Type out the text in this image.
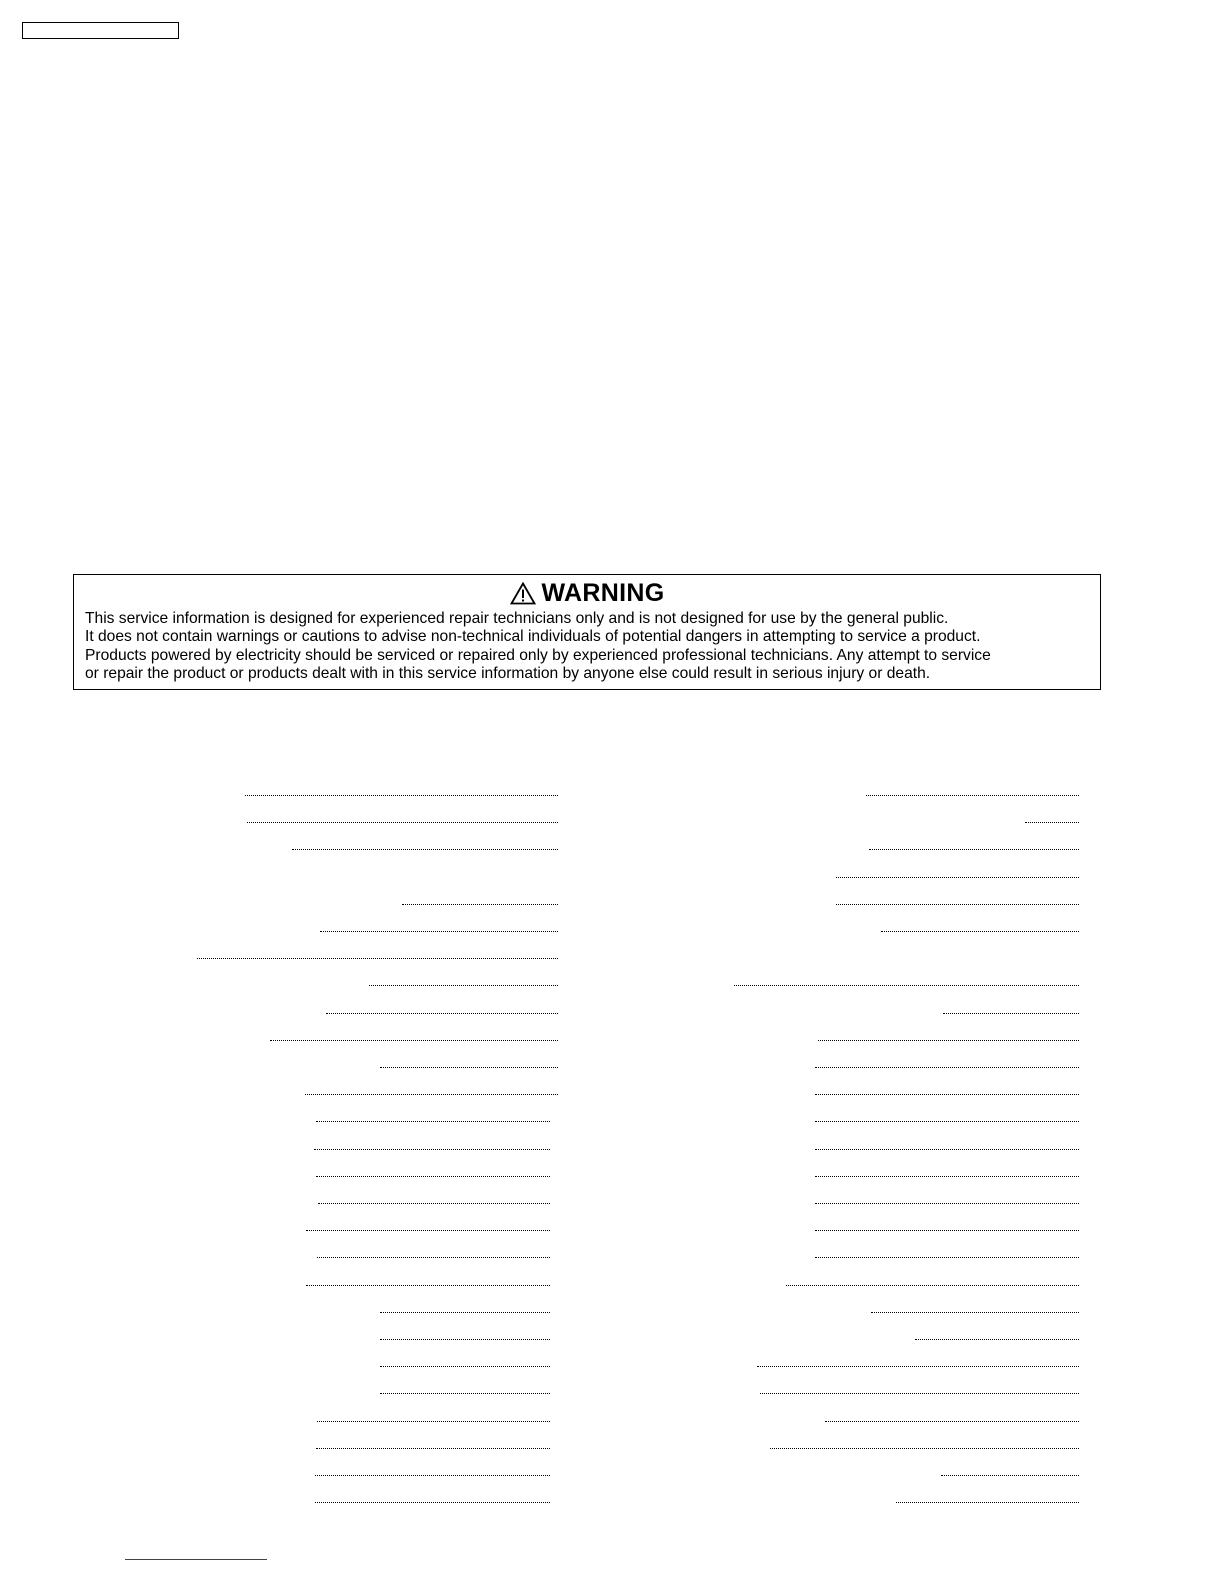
WARNING
This service information is designed for experienced repair technicians only and is not designed for use by the general public.
It does not contain warnings or cautions to advise non-technical individuals of potential dangers in attempting to service a product.
Products powered by electricity should be serviced or repaired only by experienced professional technicians. Any attempt to service
or repair the product or products dealt with in this service information by anyone else could result in serious injury or death.
